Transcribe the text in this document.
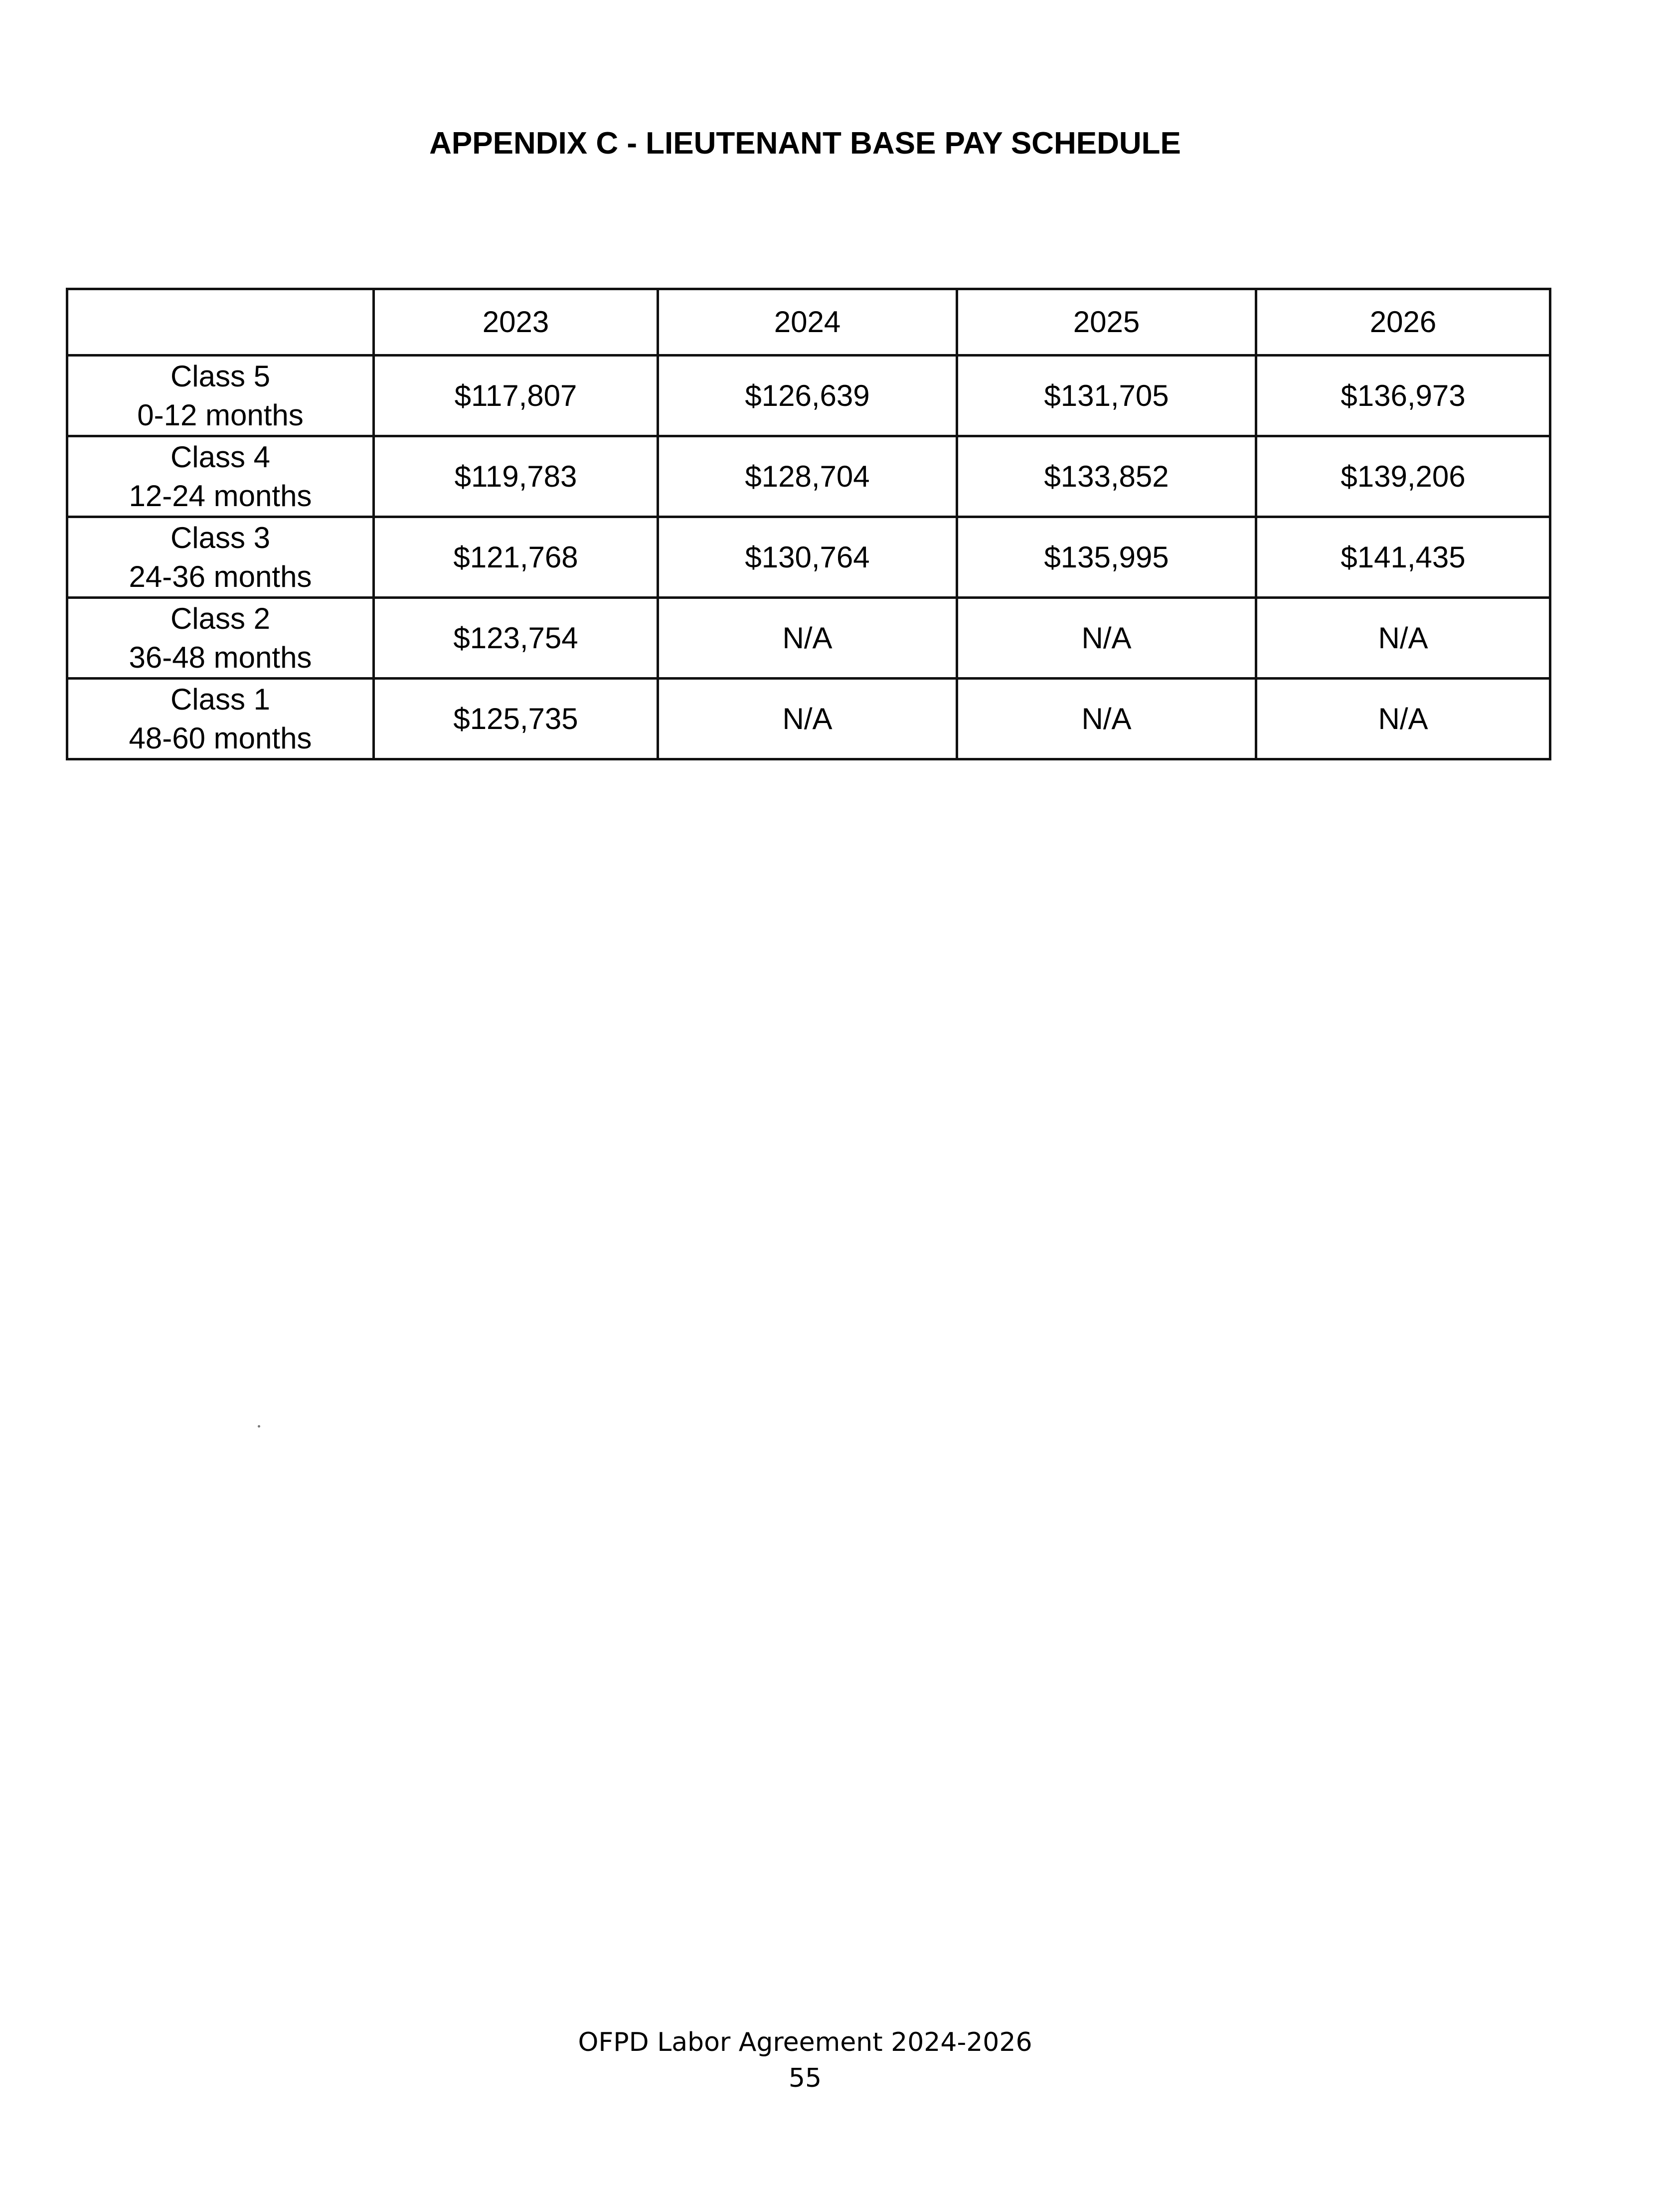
APPENDIX C - LIEUTENANT BASE PAY SCHEDULE
	2023	2024	2025	2026

Class 5
0-12 months	$117,807	$126,639	$131,705	$136,973

Class 4
12-24 months	$119,783	$128,704	$133,852	$139,206

Class 3
24-36 months	$121,768	$130,764	$135,995	$141,435

Class 2
36-48 months	$123,754	N/A	N/A	N/A

Class 1
48-60 months	$125,735	N/A	N/A	N/A
OFPD Labor Agreement 2024-2026
55
